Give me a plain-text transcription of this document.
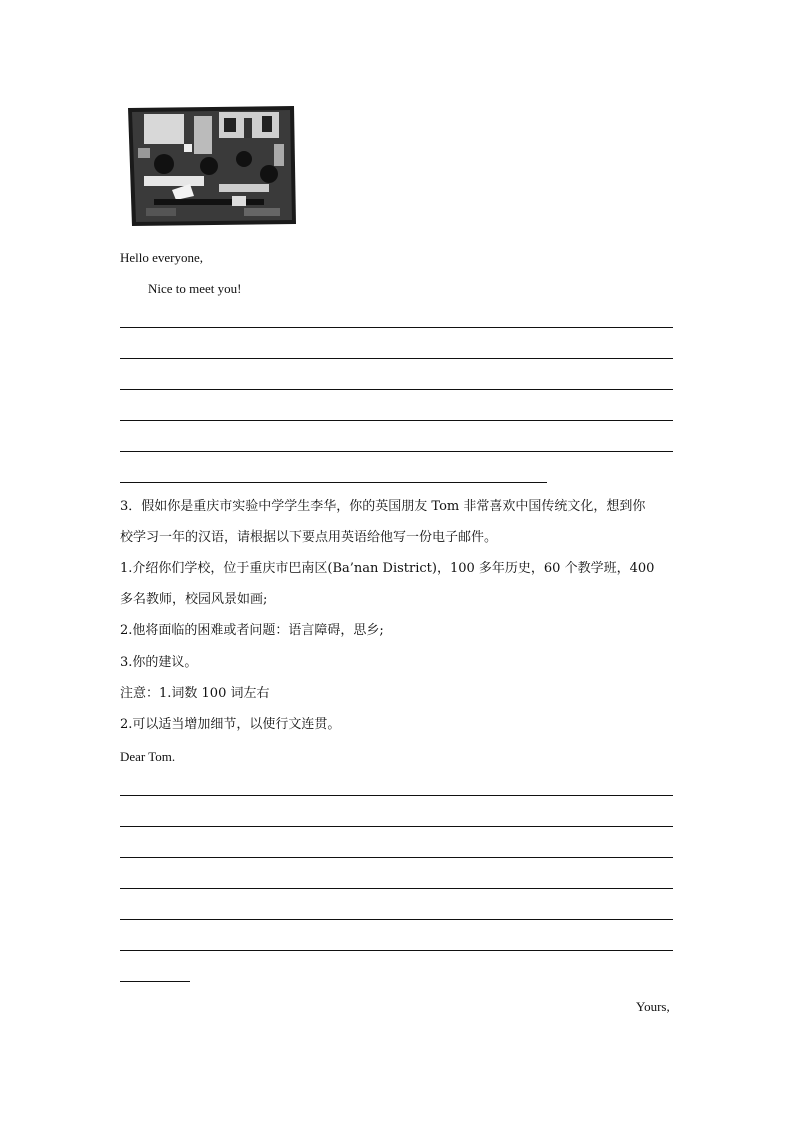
Hello everyone,
Nice to meet you!
3．假如你是重庆市实验中学学生李华，你的英国朋友 Tom 非常喜欢中国传统文化，想到你
校学习一年的汉语，请根据以下要点用英语给他写一份电子邮件。
1.介绍你们学校，位于重庆市巴南区(Ba’nan District)，100 多年历史，60 个教学班，400
多名教师，校园风景如画;
2.他将面临的困难或者问题：语言障碍，思乡;
3.你的建议。
注意：1.词数 100 词左右
2.可以适当增加细节，以使行文连贯。
Dear Tom.
Yours,
